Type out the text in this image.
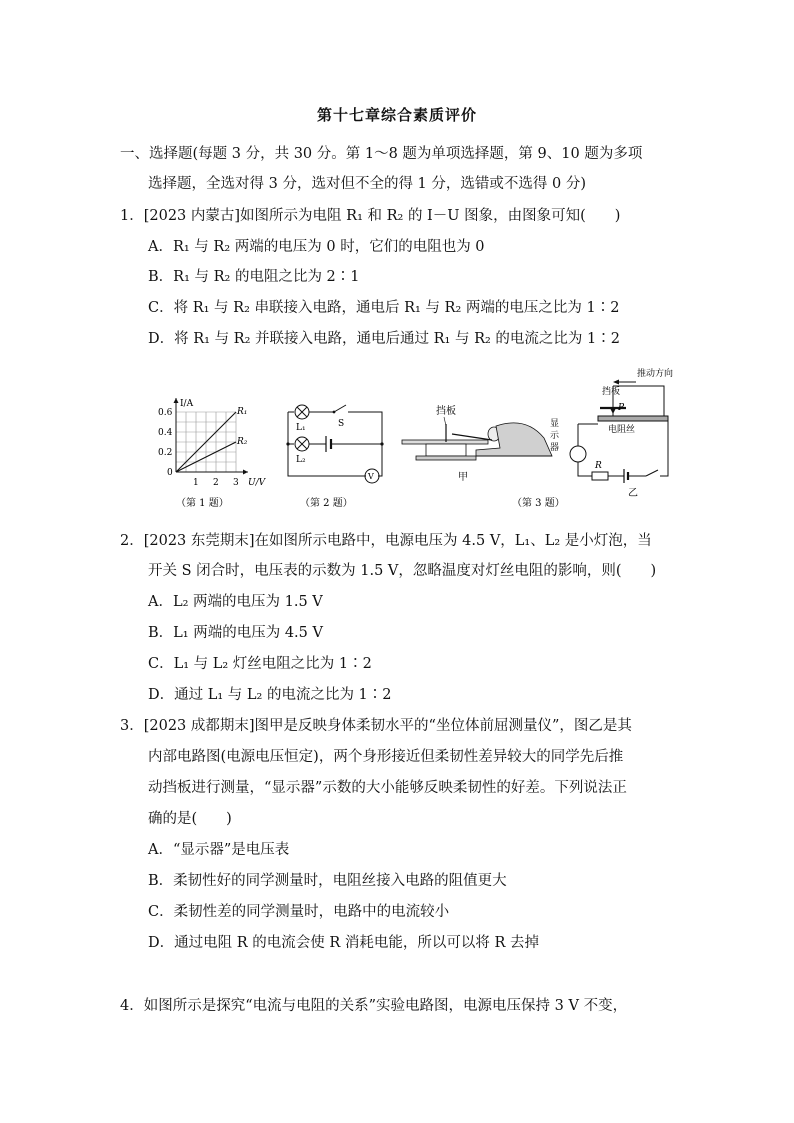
第十七章综合素质评价
一、选择题(每题 3 分，共 30 分。第 1～8 题为单项选择题，第 9、10 题为多项
选择题，全选对得 3 分，选对但不全的得 1 分，选错或不选得 0 分)
1．[2023 内蒙古]如图所示为电阻 R₁ 和 R₂ 的 I－U 图象，由图象可知(　　)
A．R₁ 与 R₂ 两端的电压为 0 时，它们的电阻也为 0
B．R₁ 与 R₂ 的电阻之比为 2∶1
C．将 R₁ 与 R₂ 串联接入电路，通电后 R₁ 与 R₂ 两端的电压之比为 1∶2
D．将 R₁ 与 R₂ 并联接入电路，通电后通过 R₁ 与 R₂ 的电流之比为 1∶2
I/A
U/V
0.6
0.4
0.2
0
1 2 3
R₁
R₂
（第 1 题）
L₁	S
L₂
V
（第 2 题）
挡板
甲
推动方向
挡板
P
电阻丝
显
示
器
R
乙
（第 3 题）
2．[2023 东莞期末]在如图所示电路中，电源电压为 4.5 V，L₁、L₂ 是小灯泡，当
开关 S 闭合时，电压表的示数为 1.5 V，忽略温度对灯丝电阻的影响，则(　　)
A．L₂ 两端的电压为 1.5 V
B．L₁ 两端的电压为 4.5 V
C．L₁ 与 L₂ 灯丝电阻之比为 1∶2
D．通过 L₁ 与 L₂ 的电流之比为 1∶2
3．[2023 成都期末]图甲是反映身体柔韧水平的“坐位体前屈测量仪”，图乙是其
内部电路图(电源电压恒定)，两个身形接近但柔韧性差异较大的同学先后推
动挡板进行测量，“显示器”示数的大小能够反映柔韧性的好差。下列说法正
确的是(　　)
A．“显示器”是电压表
B．柔韧性好的同学测量时，电阻丝接入电路的阻值更大
C．柔韧性差的同学测量时，电路中的电流较小
D．通过电阻 R 的电流会使 R 消耗电能，所以可以将 R 去掉
4．如图所示是探究“电流与电阻的关系”实验电路图，电源电压保持 3 V 不变，
